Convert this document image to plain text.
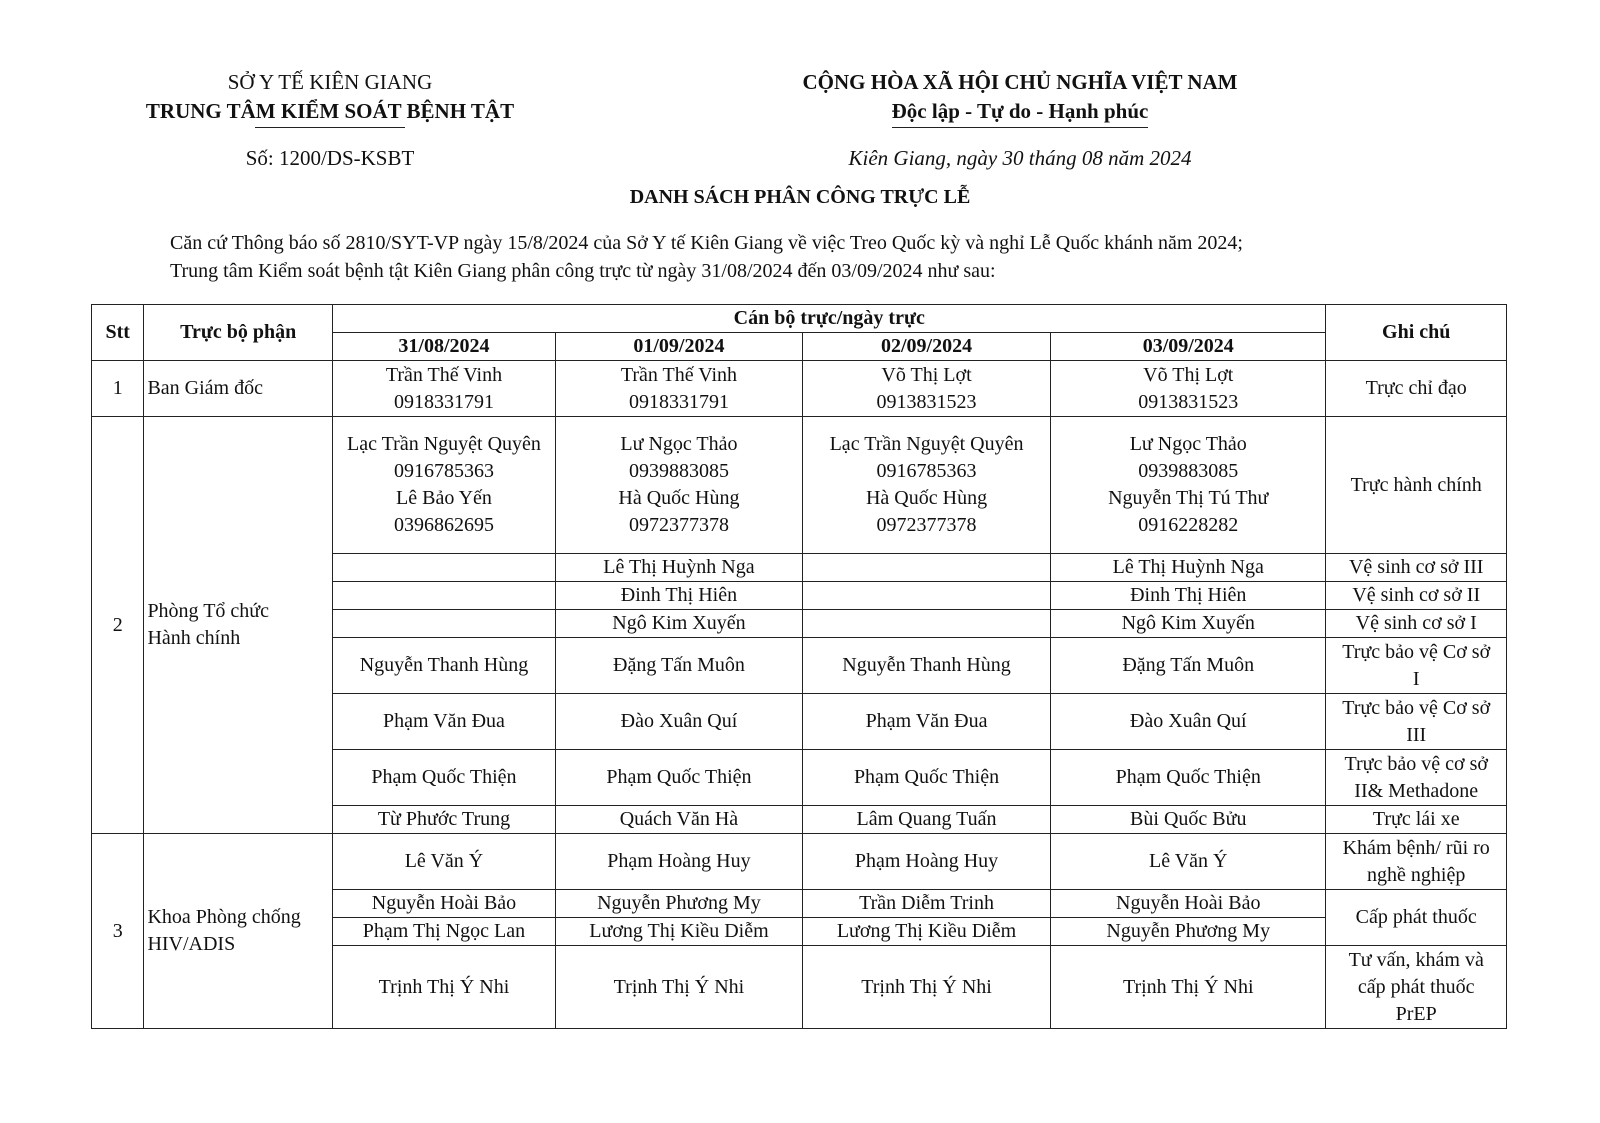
SỞ Y TẾ KIÊN GIANG
TRUNG TÂM KIỂM SOÁT BỆNH TẬT
Số: 1200/DS-KSBT
CỘNG HÒA XÃ HỘI CHỦ NGHĨA VIỆT NAM
Độc lập - Tự do - Hạnh phúc
Kiên Giang, ngày 30 tháng 08 năm 2024
DANH SÁCH PHÂN CÔNG TRỰC LỄ
Căn cứ Thông báo số 2810/SYT-VP ngày 15/8/2024 của Sở Y tế Kiên Giang về việc Treo Quốc kỳ và nghỉ Lễ Quốc khánh năm 2024;
Trung tâm Kiểm soát bệnh tật Kiên Giang phân công trực từ ngày 31/08/2024 đến 03/09/2024 như sau:
Stt	Trực bộ phận	Cán bộ trực/ngày trực				Ghi chú
		31/08/2024	01/09/2024	02/09/2024	03/09/2024	
1	Ban Giám đốc	Trần Thế Vinh
0918331791	Trần Thế Vinh
0918331791	Võ Thị Lợt
0913831523	Võ Thị Lợt
0913831523	Trực chỉ đạo

2	Phòng Tổ chức
Hành chính	Lạc Trần Nguyệt Quyên
0916785363
Lê Bảo Yến
0396862695	Lư Ngọc Thảo
0939883085
Hà Quốc Hùng
0972377378	Lạc Trần Nguyệt Quyên
0916785363
Hà Quốc Hùng
0972377378	Lư Ngọc Thảo
0939883085
Nguyễn Thị Tú Thư
0916228282	Trực hành chính

			Lê Thị Huỳnh Nga		Lê Thị Huỳnh Nga	Vệ sinh cơ sở III

			Đinh Thị Hiên		Đinh Thị Hiên	Vệ sinh cơ sở II

			Ngô Kim Xuyến		Ngô Kim Xuyến	Vệ sinh cơ sở I

		Nguyễn Thanh Hùng	Đặng Tấn Muôn	Nguyễn Thanh Hùng	Đặng Tấn Muôn	Trực bảo vệ Cơ sở
I

		Phạm Văn Đua	Đào Xuân Quí	Phạm Văn Đua	Đào Xuân Quí	Trực bảo vệ Cơ sở
III

		Phạm Quốc Thiện	Phạm Quốc Thiện	Phạm Quốc Thiện	Phạm Quốc Thiện	Trực bảo vệ cơ sở
II& Methadone

		Từ Phước Trung	Quách Văn Hà	Lâm Quang Tuấn	Bùi Quốc Bửu	Trực lái xe

3	Khoa Phòng chống
HIV/ADIS	Lê Văn Ý	Phạm Hoàng Huy	Phạm Hoàng Huy	Lê Văn Ý	Khám bệnh/ rũi ro
nghề nghiệp

		Nguyễn Hoài Bảo	Nguyễn Phương My	Trần Diễm Trinh	Nguyễn Hoài Bảo	Cấp phát thuốc

		Phạm Thị Ngọc Lan	Lương Thị Kiều Diễm	Lương Thị Kiều Diễm	Nguyễn Phương My	

		Trịnh Thị Ý Nhi	Trịnh Thị Ý Nhi	Trịnh Thị Ý Nhi	Trịnh Thị Ý Nhi	Tư vấn, khám và
cấp phát thuốc
PrEP
